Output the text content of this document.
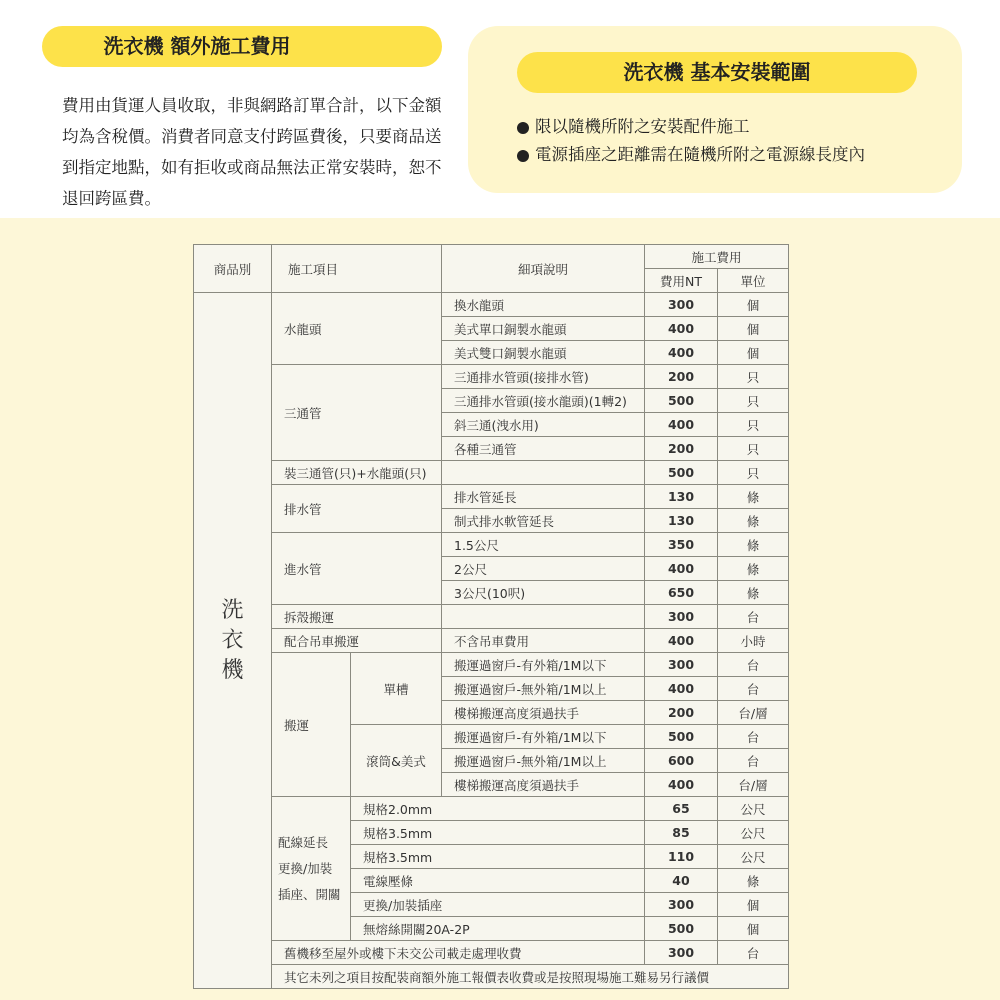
洗衣機 額外施工費用
費用由貨運人員收取，非與網路訂單合計，以下金額均為含稅價。消費者同意支付跨區費後，只要商品送到指定地點，如有拒收或商品無法正常安裝時，恕不退回跨區費。
洗衣機 基本安裝範圍
限以隨機所附之安裝配件施工
電源插座之距離需在隨機所附之電源線長度內
商品別	施工項目		細項說明	施工費用	
				費用NT	單位

洗
衣
機	水龍頭		換水龍頭	300	個
			美式單口銅製水龍頭	400	個
			美式雙口銅製水龍頭	400	個
	三通管		三通排水管頭(接排水管)	200	只
			三通排水管頭(接水龍頭)(1轉2)	500	只
			斜三通(洩水用)	400	只
			各種三通管	200	只
	裝三通管(只)+水龍頭(只)			500	只
	排水管		排水管延長	130	條
			制式排水軟管延長	130	條
	進水管		1.5公尺	350	條
			2公尺	400	條
			3公尺(10呎)	650	條
	拆殼搬運			300	台
	配合吊車搬運		不含吊車費用	400	小時
	搬運	單槽	搬運過窗戶-有外箱/1M以下	300	台
			搬運過窗戶-無外箱/1M以上	400	台
			樓梯搬運高度須過扶手	200	台/層
		滾筒&美式	搬運過窗戶-有外箱/1M以下	500	台
			搬運過窗戶-無外箱/1M以上	600	台
			樓梯搬運高度須過扶手	400	台/層
	配線延長
更換/加裝
插座、開關	規格2.0mm		65	公尺
		規格3.5mm		85	公尺
		規格3.5mm		110	公尺
		電線壓條		40	條
		更換/加裝插座		300	個
		無熔絲開關20A-2P		500	個
	舊機移至屋外或樓下未交公司載走處理收費			300	台
	其它未列之項目按配裝商額外施工報價表收費或是按照現場施工難易另行議價				
